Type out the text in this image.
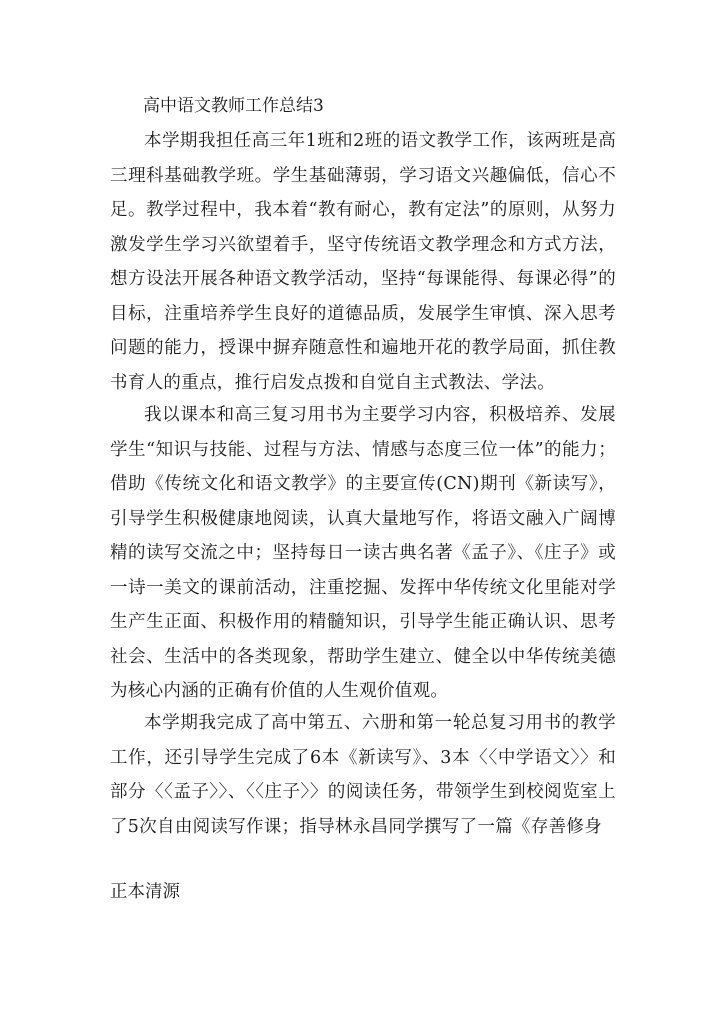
高中语文教师工作总结3

本学期我担任高三年1班和2班的语文教学工作，该两班是高三理科基础教学班。学生基础薄弱，学习语文兴趣偏低，信心不足。教学过程中，我本着“教有耐心，教有定法”的原则，从努力激发学生学习兴欲望着手，坚守传统语文教学理念和方式方法，想方设法开展各种语文教学活动，坚持“每课能得、每课必得”的目标，注重培养学生良好的道德品质，发展学生审慎、深入思考问题的能力，授课中摒弃随意性和遍地开花的教学局面，抓住教书育人的重点，推行启发点拨和自觉自主式教法、学法。

我以课本和高三复习用书为主要学习内容，积极培养、发展学生“知识与技能、过程与方法、情感与态度三位一体”的能力；借助《传统文化和语文教学》的主要宣传(CN)期刊《新读写》，引导学生积极健康地阅读，认真大量地写作，将语文融入广阔博精的读写交流之中；坚持每日一读古典名著《孟子》、《庄子》或一诗一美文的课前活动，注重挖掘、发挥中华传统文化里能对学生产生正面、积极作用的精髓知识，引导学生能正确认识、思考社会、生活中的各类现象，帮助学生建立、健全以中华传统美德为核心内涵的正确有价值的人生观价值观。

本学期我完成了高中第五、六册和第一轮总复习用书的教学工作，还引导学生完成了6本《新读写》、3本〈〈中学语文〉〉和部分〈〈孟子〉〉、〈〈庄子〉〉的阅读任务，带领学生到校阅览室上了5次自由阅读写作课；指导林永昌同学撰写了一篇《存善修身

正本清源
